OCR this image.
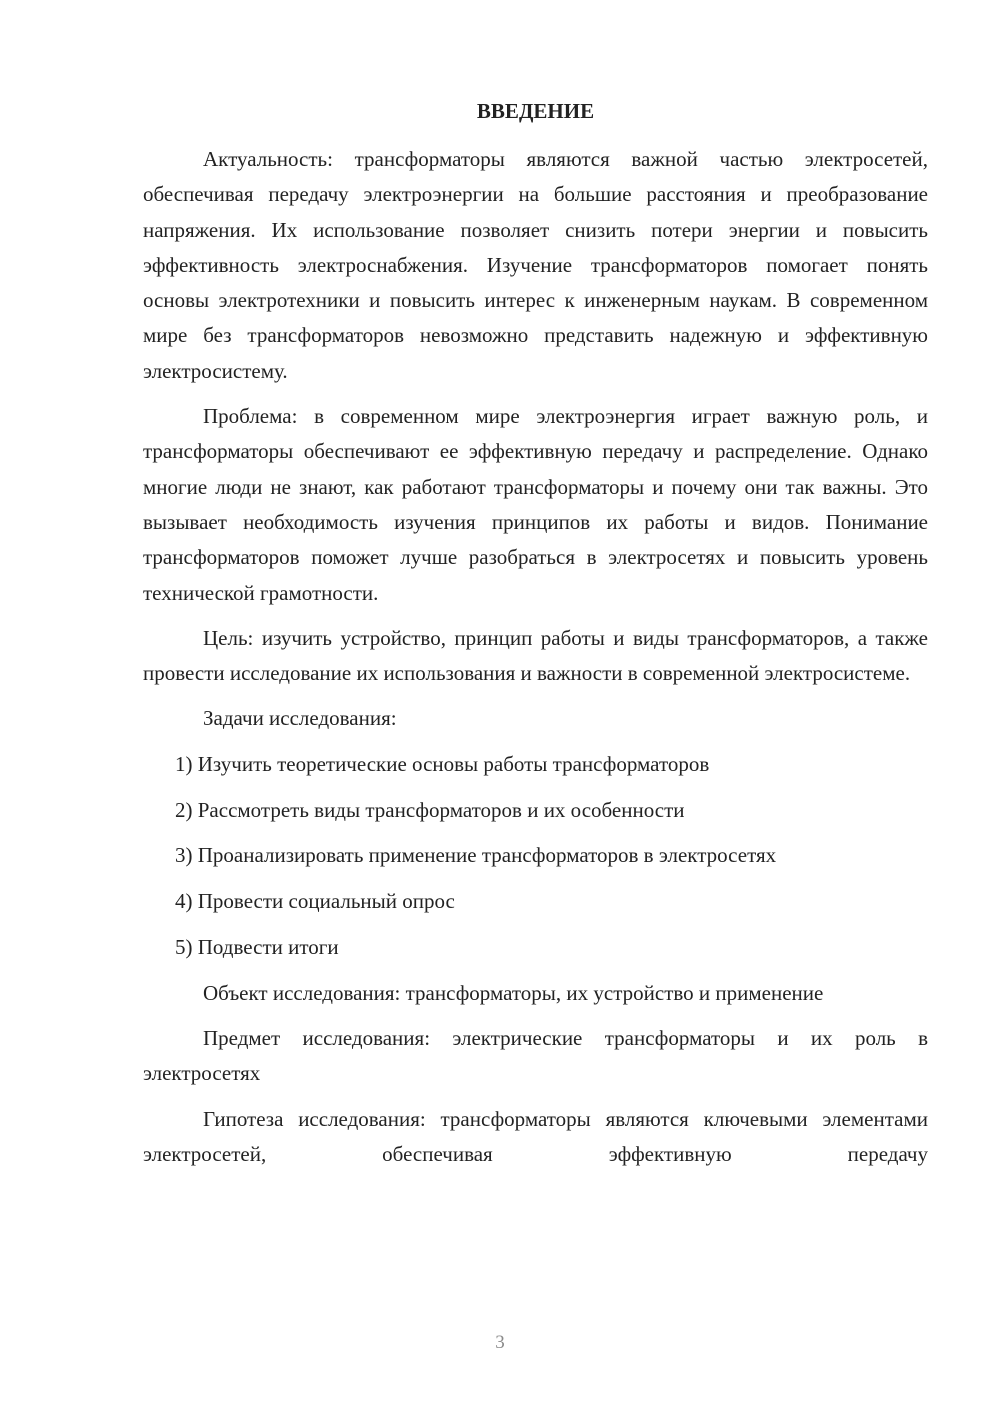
ВВЕДЕНИЕ

Актуальность: трансформаторы являются важной частью электросетей, обеспечивая передачу электроэнергии на большие расстояния и преобразование напряжения. Их использование позволяет снизить потери энергии и повысить эффективность электроснабжения. Изучение трансформаторов помогает понять основы электротехники и повысить интерес к инженерным наукам. В современном мире без трансформаторов невозможно представить надежную и эффективную электросистему.

Проблема: в современном мире электроэнергия играет важную роль, и трансформаторы обеспечивают ее эффективную передачу и распределение. Однако многие люди не знают, как работают трансформаторы и почему они так важны. Это вызывает необходимость изучения принципов их работы и видов. Понимание трансформаторов поможет лучше разобраться в электросетях и повысить уровень технической грамотности.

Цель: изучить устройство, принцип работы и виды трансформаторов, а также провести исследование их использования и важности в современной электросистеме.

Задачи исследования:

1) Изучить теоретические основы работы трансформаторов

2) Рассмотреть виды трансформаторов и их особенности

3) Проанализировать применение трансформаторов в электросетях

4) Провести социальный опрос

5) Подвести итоги

Объект исследования: трансформаторы, их устройство и применение

Предмет исследования: электрические трансформаторы и их роль в электросетях

Гипотеза исследования: трансформаторы являются ключевыми элементами электросетей, обеспечивая эффективную передачу

3
